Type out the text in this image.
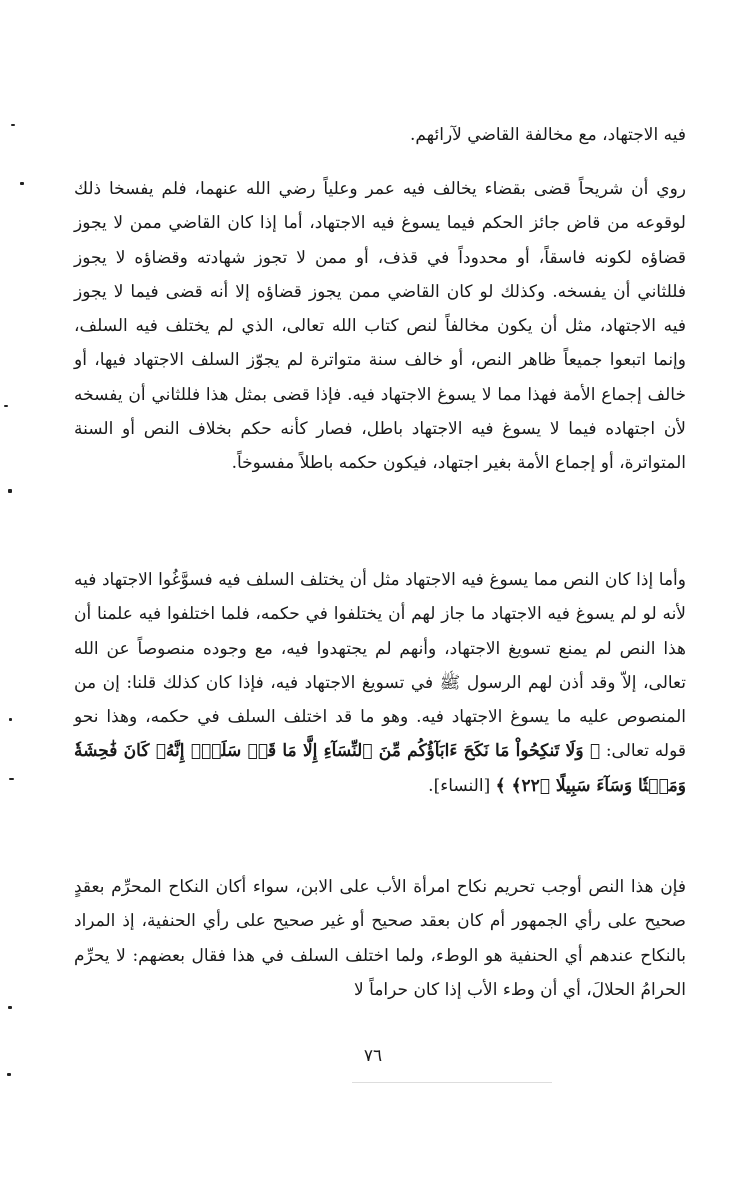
فيه الاجتهاد، مع مخالفة القاضي لآرائهم.

روي أن شريحاً قضى بقضاء يخالف فيه عمر وعلياً رضي الله عنهما، فلم يفسخا ذلك لوقوعه من قاض جائز الحكم فيما يسوغ فيه الاجتهاد، أما إذا كان القاضي ممن لا يجوز قضاؤه لكونه فاسقاً، أو محدوداً في قذف، أو ممن لا تجوز شهادته وقضاؤه لا يجوز فللثاني أن يفسخه. وكذلك لو كان القاضي ممن يجوز قضاؤه إلا أنه قضى فيما لا يجوز فيه الاجتهاد، مثل أن يكون مخالفاً لنص كتاب الله تعالى، الذي لم يختلف فيه السلف، وإنما اتبعوا جميعاً ظاهر النص، أو خالف سنة متواترة لم يجوّز السلف الاجتهاد فيها، أو خالف إجماع الأمة فهذا مما لا يسوغ الاجتهاد فيه. فإذا قضى بمثل هذا فللثاني أن يفسخه لأن اجتهاده فيما لا يسوغ فيه الاجتهاد باطل، فصار كأنه حكم بخلاف النص أو السنة المتواترة، أو إجماع الأمة بغير اجتهاد، فيكون حكمه باطلاً مفسوخاً.

وأما إذا كان النص مما يسوغ فيه الاجتهاد مثل أن يختلف السلف فيه فسوَّغُوا الاجتهاد فيه لأنه لو لم يسوغ فيه الاجتهاد ما جاز لهم أن يختلفوا في حكمه، فلما اختلفوا فيه علمنا أن هذا النص لم يمنع تسويغ الاجتهاد، وأنهم لم يجتهدوا فيه، مع وجوده منصوصاً عن الله تعالى، إلاّ وقد أذن لهم الرسول ﷺ في تسويغ الاجتهاد فيه، فإذا كان كذلك قلنا: إن من المنصوص عليه ما يسوغ الاجتهاد فيه. وهو ما قد اختلف السلف في حكمه، وهذا نحو قوله تعالى: ﴿ وَلَا تَنكِحُواْ مَا نَكَحَ ءَابَآؤُكُم مِّنَ ٱلنِّسَآءِ إِلَّا مَا قَدۡ سَلَفَۚ إِنَّهُۥ كَانَ فَٰحِشَةٗ وَمَقۡتٗا وَسَآءَ سَبِيلًا ﴿٢٢﴾ ﴾ [النساء].

فإن هذا النص أوجب تحريم نكاح امرأة الأب على الابن، سواء أكان النكاح المحرِّم بعقدٍ صحيح على رأي الجمهور أم كان بعقد صحيح أو غير صحيح على رأي الحنفية، إذ المراد بالنكاح عندهم أي الحنفية هو الوطء، ولما اختلف السلف في هذا فقال بعضهم: لا يحرِّم الحرامُ الحلالَ، أي أن وطء الأب إذا كان حراماً لا

٧٦
